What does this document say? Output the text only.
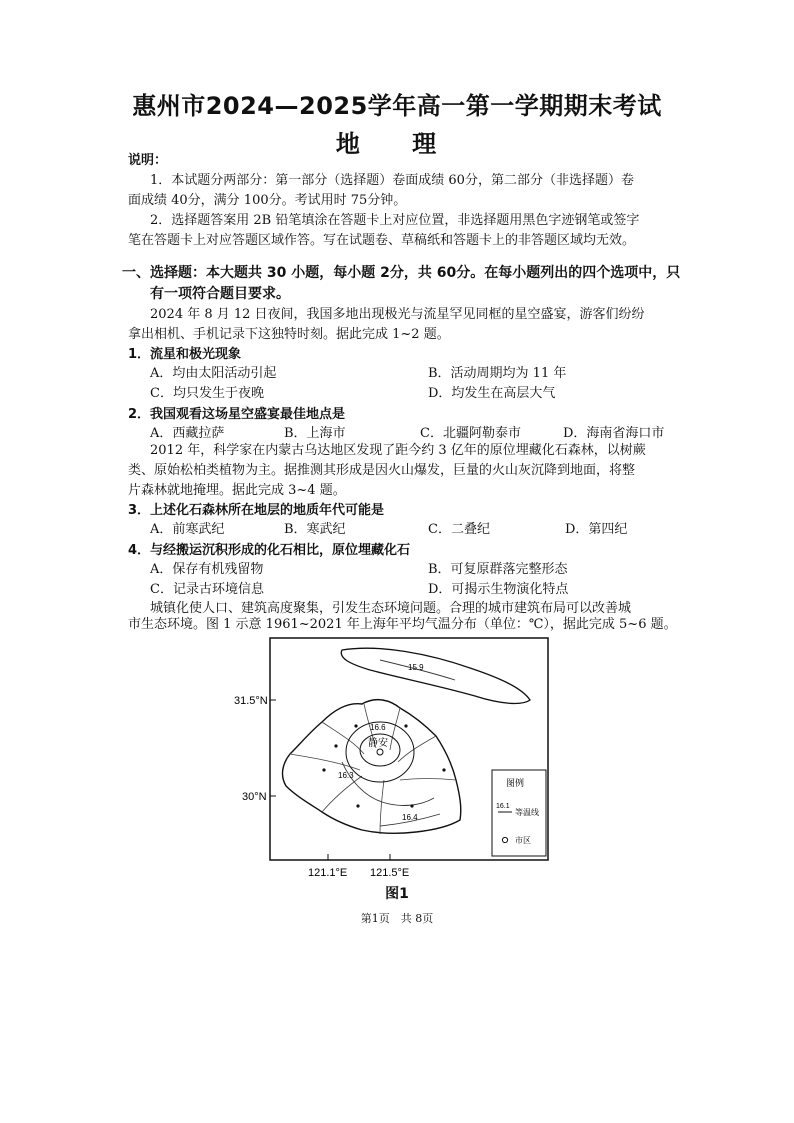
惠州市2024—2025学年高一第一学期期末考试
地 理
说明：
1．本试题分两部分：第一部分（选择题）卷面成绩 60分，第二部分（非选择题）卷
面成绩 40分，满分 100分。考试用时 75分钟。
2．选择题答案用 2B 铅笔填涂在答题卡上对应位置，非选择题用黑色字迹钢笔或签字
笔在答题卡上对应答题区域作答。写在试题卷、草稿纸和答题卡上的非答题区域均无效。
一、选择题：本大题共 30 小题，每小题 2分，共 60分。在每小题列出的四个选项中，只
有一项符合题目要求。
2024 年 8 月 12 日夜间，我国多地出现极光与流星罕见同框的星空盛宴，游客们纷纷
拿出相机、手机记录下这独特时刻。据此完成 1~2 题。
1．流星和极光现象
A．均由太阳活动引起	B．活动周期均为 11 年
C．均只发生于夜晚	D．均发生在高层大气
2．我国观看这场星空盛宴最佳地点是
A．西藏拉萨	B．上海市	C．北疆阿勒泰市	D．海南省海口市
2012 年，科学家在内蒙古乌达地区发现了距今约 3 亿年的原位埋藏化石森林，以树蕨
类、原始松柏类植物为主。据推测其形成是因火山爆发，巨量的火山灰沉降到地面，将整
片森林就地掩埋。据此完成 3~4 题。
3．上述化石森林所在地层的地质年代可能是
A．前寒武纪	B．寒武纪	C．二叠纪	D．第四纪
4．与经搬运沉积形成的化石相比，原位埋藏化石
A．保存有机残留物	B．可复原群落完整形态
C．记录古环境信息	D．可揭示生物演化特点
城镇化使人口、建筑高度聚集，引发生态环境问题。合理的城市建筑布局可以改善城
市生态环境。图 1 示意 1961~2021 年上海年平均气温分布（单位：℃），据此完成 5~6 题。
31.5°N
30°N
121.1°E 121.5°E
15.9
16.6
16.3
16.4
静安
图例
16.1
等温线
市区
图1
第1页　共 8页
